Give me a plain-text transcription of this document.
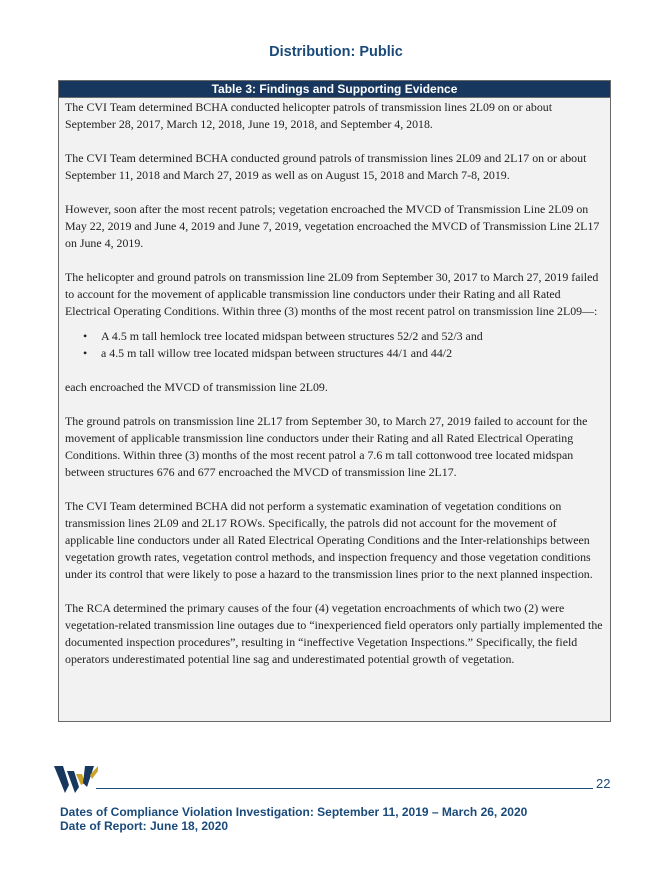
Distribution: Public
Table 3: Findings and Supporting Evidence

The CVI Team determined BCHA conducted helicopter patrols of transmission lines 2L09 on or about September 28, 2017, March 12, 2018, June 19, 2018, and September 4, 2018.

The CVI Team determined BCHA conducted ground patrols of transmission lines 2L09 and 2L17 on or about September 11, 2018 and March 27, 2019 as well as on August 15, 2018 and March 7-8, 2019.

However, soon after the most recent patrols; vegetation encroached the MVCD of Transmission Line 2L09 on May 22, 2019 and June 4, 2019 and June 7, 2019, vegetation encroached the MVCD of Transmission Line 2L17 on June 4, 2019.

The helicopter and ground patrols on transmission line 2L09 from September 30, 2017 to March 27, 2019 failed to account for the movement of applicable transmission line conductors under their Rating and all Rated Electrical Operating Conditions. Within three (3) months of the most recent patrol on transmission line 2L09—:

• A 4.5 m tall hemlock tree located midspan between structures 52/2 and 52/3 and
• a 4.5 m tall willow tree located midspan between structures 44/1 and 44/2

each encroached the MVCD of transmission line 2L09.

The ground patrols on transmission line 2L17 from September 30, to March 27, 2019 failed to account for the movement of applicable transmission line conductors under their Rating and all Rated Electrical Operating Conditions. Within three (3) months of the most recent patrol a 7.6 m tall cottonwood tree located midspan between structures 676 and 677 encroached the MVCD of transmission line 2L17.

The CVI Team determined BCHA did not perform a systematic examination of vegetation conditions on transmission lines 2L09 and 2L17 ROWs. Specifically, the patrols did not account for the movement of applicable line conductors under all Rated Electrical Operating Conditions and the Inter-relationships between vegetation growth rates, vegetation control methods, and inspection frequency and those vegetation conditions under its control that were likely to pose a hazard to the transmission lines prior to the next planned inspection.

The RCA determined the primary causes of the four (4) vegetation encroachments of which two (2) were vegetation-related transmission line outages due to “inexperienced field operators only partially implemented the documented inspection procedures”, resulting in “ineffective Vegetation Inspections.” Specifically, the field operators underestimated potential line sag and underestimated potential growth of vegetation.

22
Dates of Compliance Violation Investigation: September 11, 2019 – March 26, 2020
Date of Report: June 18, 2020
